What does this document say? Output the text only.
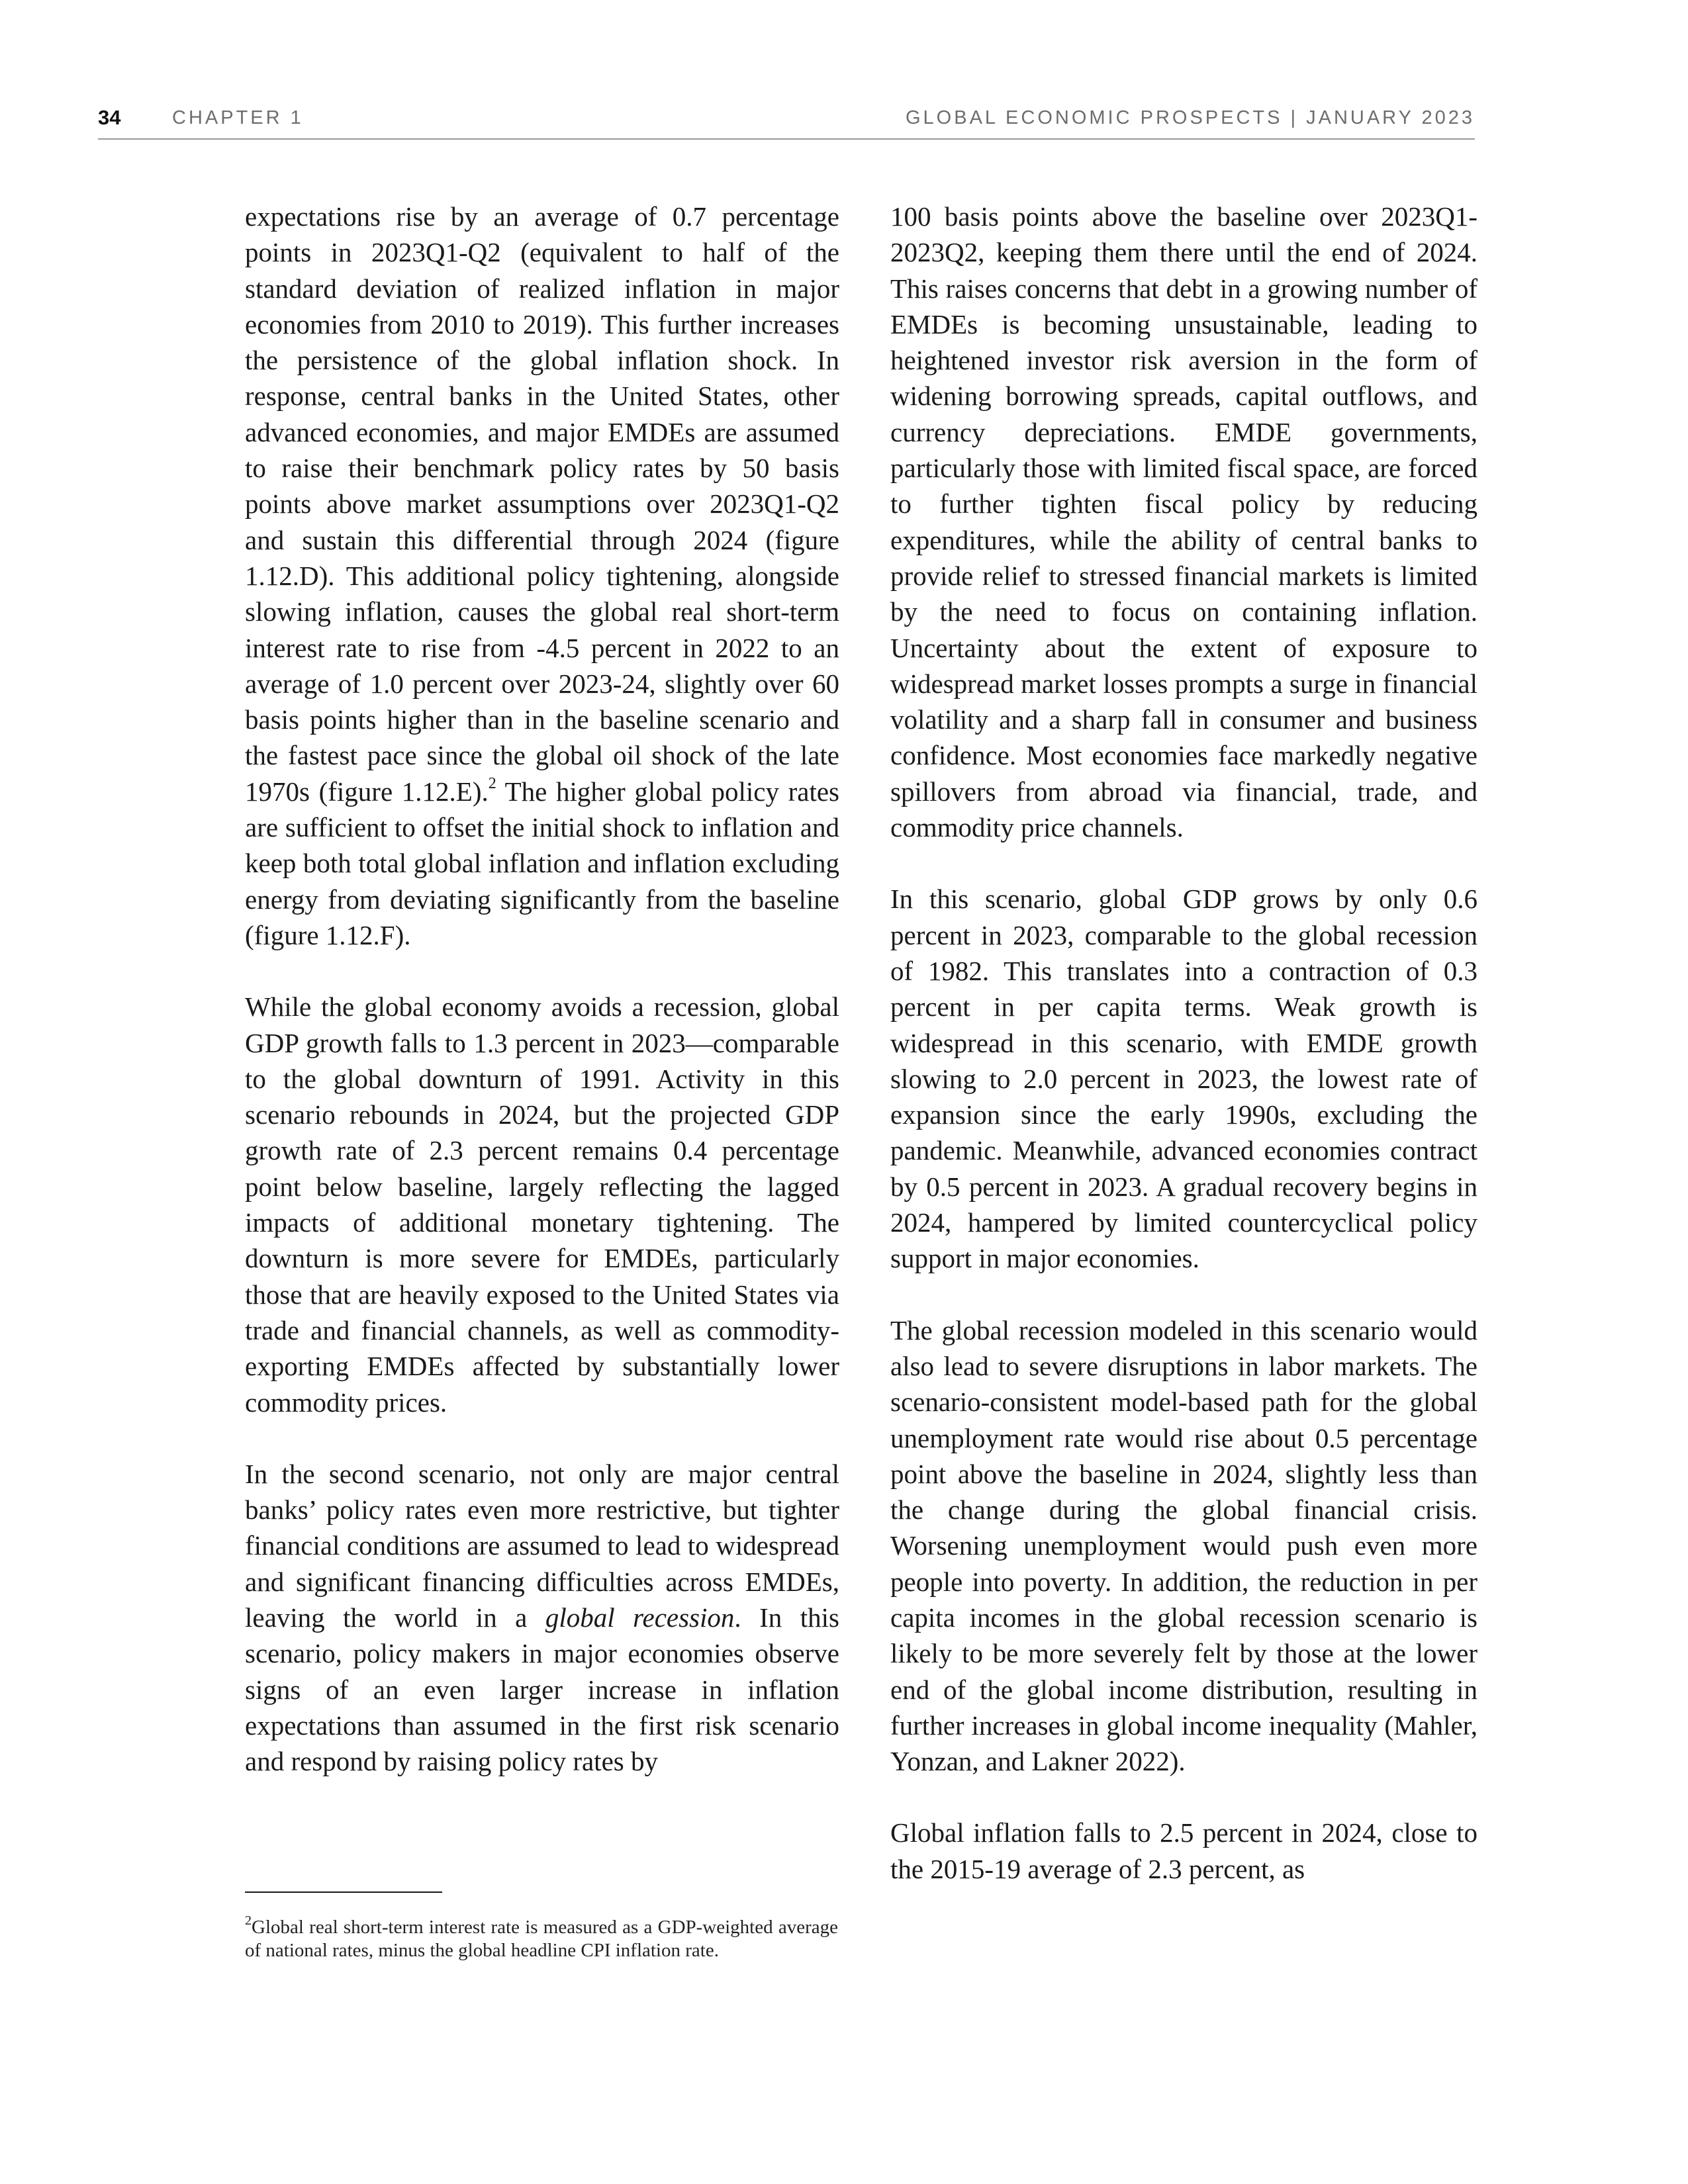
34	CHAPTER 1	GLOBAL ECONOMIC PROSPECTS | JANUARY 2023

expectations rise by an average of 0.7 percentage points in 2023Q1-Q2 (equivalent to half of the standard deviation of realized inflation in major economies from 2010 to 2019). This further increases the persistence of the global inflation shock. In response, central banks in the United States, other advanced economies, and major EMDEs are assumed to raise their benchmark policy rates by 50 basis points above market assumptions over 2023Q1-Q2 and sustain this differential through 2024 (figure 1.12.D). This additional policy tightening, alongside slowing inflation, causes the global real short-term interest rate to rise from -4.5 percent in 2022 to an average of 1.0 percent over 2023-24, slightly over 60 basis points higher than in the baseline scenario and the fastest pace since the global oil shock of the late 1970s (figure 1.12.E).$^2$ The higher global policy rates are sufficient to offset the initial shock to inflation and keep both total global inflation and inflation excluding energy from deviating significantly from the baseline (figure 1.12.F).

While the global economy avoids a recession, global GDP growth falls to 1.3 percent in 2023—comparable to the global downturn of 1991. Activity in this scenario rebounds in 2024, but the projected GDP growth rate of 2.3 percent remains 0.4 percentage point below baseline, largely reflecting the lagged impacts of additional monetary tightening. The downturn is more severe for EMDEs, particularly those that are heavily exposed to the United States via trade and financial channels, as well as commodity-exporting EMDEs affected by substantially lower commodity prices.

In the second scenario, not only are major central banks’ policy rates even more restrictive, but tighter financial conditions are assumed to lead to widespread and significant financing difficulties across EMDEs, leaving the world in a global recession. In this scenario, policy makers in major economies observe signs of an even larger increase in inflation expectations than assumed in the first risk scenario and respond by raising policy rates by

$^2$Global real short-term interest rate is measured as a GDP-weighted average of national rates, minus the global headline CPI inflation rate.

100 basis points above the baseline over 2023Q1-2023Q2, keeping them there until the end of 2024. This raises concerns that debt in a growing number of EMDEs is becoming unsustainable, leading to heightened investor risk aversion in the form of widening borrowing spreads, capital outflows, and currency depreciations. EMDE governments, particularly those with limited fiscal space, are forced to further tighten fiscal policy by reducing expenditures, while the ability of central banks to provide relief to stressed financial markets is limited by the need to focus on containing inflation. Uncertainty about the extent of exposure to widespread market losses prompts a surge in financial volatility and a sharp fall in consumer and business confidence. Most economies face markedly negative spillovers from abroad via financial, trade, and commodity price channels.

In this scenario, global GDP grows by only 0.6 percent in 2023, comparable to the global recession of 1982. This translates into a contraction of 0.3 percent in per capita terms. Weak growth is widespread in this scenario, with EMDE growth slowing to 2.0 percent in 2023, the lowest rate of expansion since the early 1990s, excluding the pandemic. Meanwhile, advanced economies contract by 0.5 percent in 2023. A gradual recovery begins in 2024, hampered by limited countercyclical policy support in major economies.

The global recession modeled in this scenario would also lead to severe disruptions in labor markets. The scenario-consistent model-based path for the global unemployment rate would rise about 0.5 percentage point above the baseline in 2024, slightly less than the change during the global financial crisis. Worsening unemployment would push even more people into poverty. In addition, the reduction in per capita incomes in the global recession scenario is likely to be more severely felt by those at the lower end of the global income distribution, resulting in further increases in global income inequality (Mahler, Yonzan, and Lakner 2022).

Global inflation falls to 2.5 percent in 2024, close to the 2015-19 average of 2.3 percent, as
